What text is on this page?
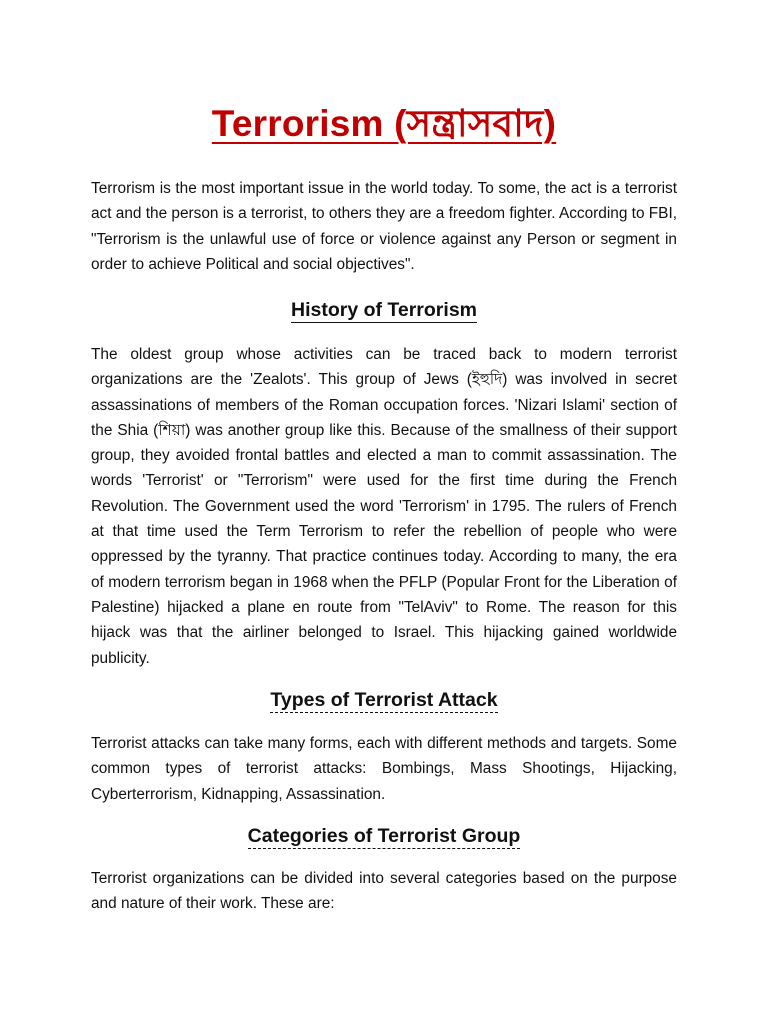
Terrorism (সন্ত্রাসবাদ)

Terrorism is the most important issue in the world today. To some, the act is a terrorist act and the person is a terrorist, to others they are a freedom fighter. According to FBI, "Terrorism is the unlawful use of force or violence against any Person or segment in order to achieve Political and social objectives".

History of Terrorism

The oldest group whose activities can be traced back to modern terrorist organizations are the 'Zealots'. This group of Jews (ইহুদি) was involved in secret assassinations of members of the Roman occupation forces. 'Nizari Islami' section of the Shia (শিয়া) was another group like this. Because of the smallness of their support group, they avoided frontal battles and elected a man to commit assassination. The words 'Terrorist' or "Terrorism" were used for the first time during the French Revolution. The Government used the word 'Terrorism' in 1795. The rulers of French at that time used the Term Terrorism to refer the rebellion of people who were oppressed by the tyranny. That practice continues today. According to many, the era of modern terrorism began in 1968 when the PFLP (Popular Front for the Liberation of Palestine) hijacked a plane en route from "TelAviv" to Rome. The reason for this hijack was that the airliner belonged to Israel. This hijacking gained worldwide publicity.

Types of Terrorist Attack

Terrorist attacks can take many forms, each with different methods and targets. Some common types of terrorist attacks: Bombings, Mass Shootings, Hijacking, Cyberterrorism, Kidnapping, Assassination.

Categories of Terrorist Group

Terrorist organizations can be divided into several categories based on the purpose and nature of their work. These are:
